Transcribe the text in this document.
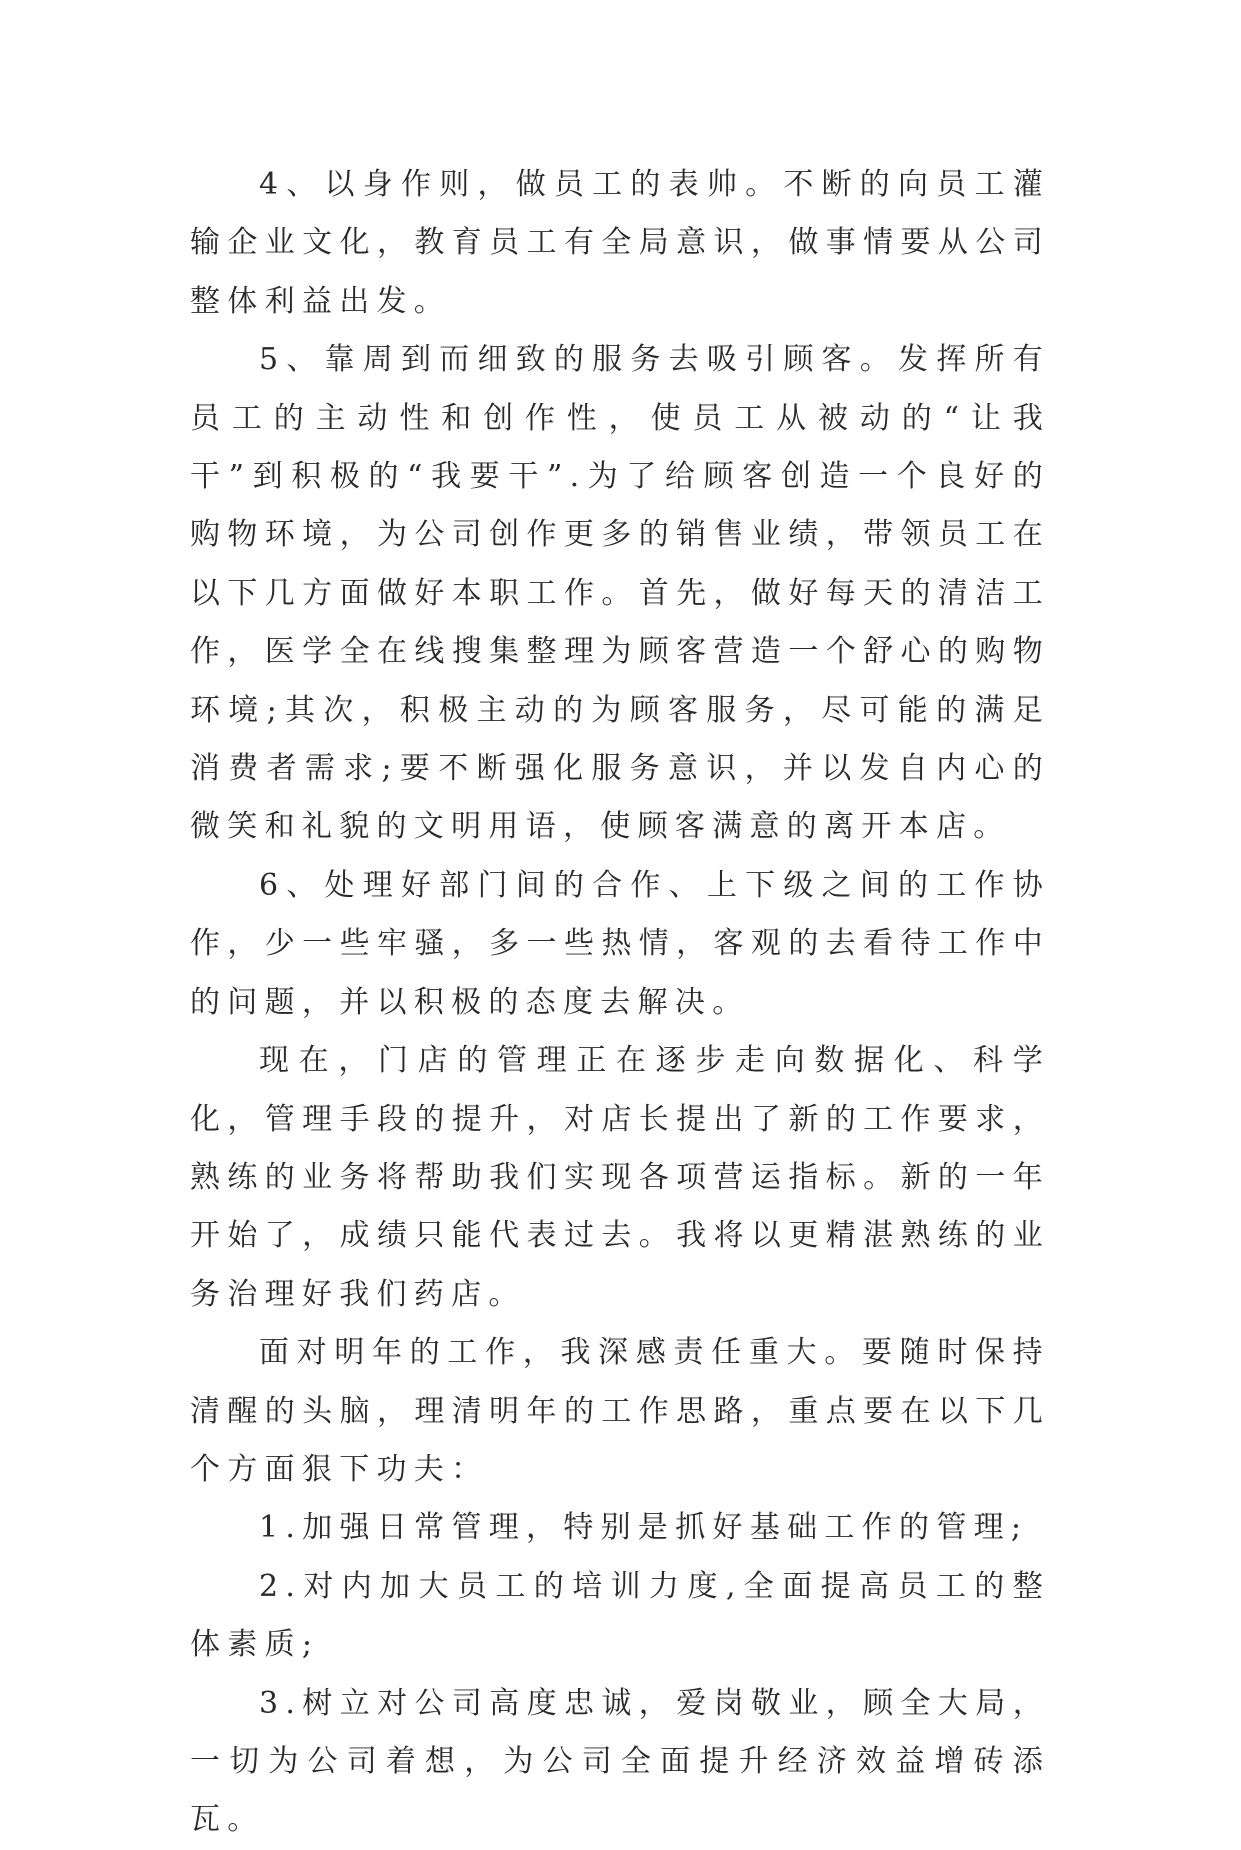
4、以身作则，做员工的表帅。不断的向员工灌输企业文化，教育员工有全局意识，做事情要从公司整体利益出发。

5、靠周到而细致的服务去吸引顾客。发挥所有员工的主动性和创作性，使员工从被动的“让我干”到积极的“我要干”.为了给顾客创造一个良好的购物环境，为公司创作更多的销售业绩，带领员工在以下几方面做好本职工作。首先，做好每天的清洁工作，医学全在线搜集整理为顾客营造一个舒心的购物环境;其次，积极主动的为顾客服务，尽可能的满足消费者需求;要不断强化服务意识，并以发自内心的微笑和礼貌的文明用语，使顾客满意的离开本店。

6、处理好部门间的合作、上下级之间的工作协作，少一些牢骚，多一些热情，客观的去看待工作中的问题，并以积极的态度去解决。

现在，门店的管理正在逐步走向数据化、科学化，管理手段的提升，对店长提出了新的工作要求，熟练的业务将帮助我们实现各项营运指标。新的一年开始了，成绩只能代表过去。我将以更精湛熟练的业务治理好我们药店。

面对明年的工作，我深感责任重大。要随时保持清醒的头脑，理清明年的工作思路，重点要在以下几个方面狠下功夫：

1.加强日常管理，特别是抓好基础工作的管理;

2.对内加大员工的培训力度,全面提高员工的整体素质;

3.树立对公司高度忠诚，爱岗敬业，顾全大局，一切为公司着想，为公司全面提升经济效益增砖添瓦。
